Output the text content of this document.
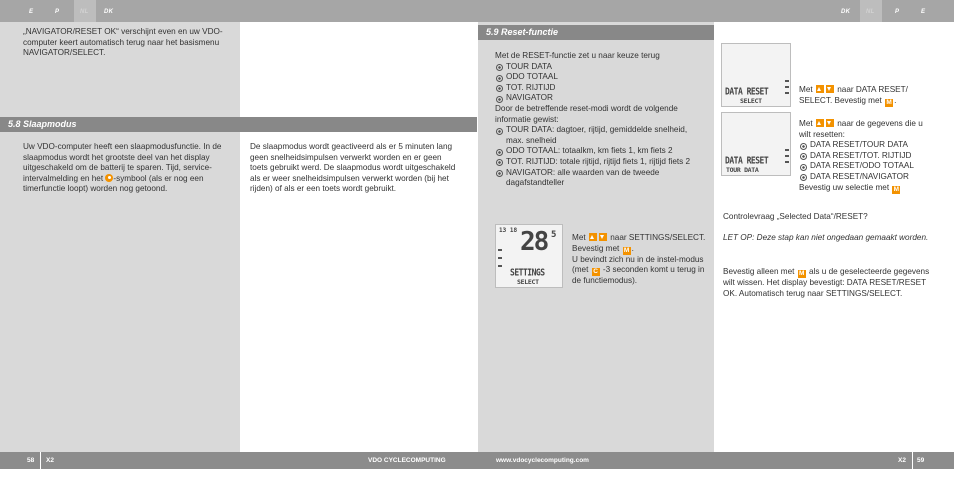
E	P	NL	DK	DK	NL	P	E
„NAVIGATOR/RESET OK“ verschijnt even en uw VDO-computer keert automatisch terug naar het basismenu NAVIGATOR/SELECT.
5.8 Slaapmodus
Uw VDO-computer heeft een slaapmodusfunctie. In de slaapmodus wordt het grootste deel van het display uitgeschakeld om de batterij te sparen. Tijd, service-intervalmelding en het -symbool (als er nog een timerfunctie loopt) worden nog getoond.
De slaapmodus wordt geactiveerd als er 5 minuten lang geen snelheidsimpulsen verwerkt worden en er geen toets gebruikt werd. De slaapmodus wordt uitgeschakeld als er weer snelheidsimpulsen verwerkt worden (bij het rijden) of als er een toets wordt gebruikt.
5.9 Reset-functie

Met de RESET-functie zet u naar keuze terug

TOUR DATA
ODO TOTAAL
TOT. RIJTIJD
NAVIGATOR

Door de betreffende reset-modi wordt de volgende informatie gewist:

TOUR DATA: dagtoer, rijtijd, gemiddelde snelheid, max. snelheid
ODO TOTAAL: totaalkm, km fiets 1, km fiets 2
TOT. RIJTIJD: totale rijtijd, rijtijd fiets 1, rijtijd fiets 2
NAVIGATOR: alle waarden van de tweede dagafstandteller
13 18 28 5
SETTINGS
SELECT
Met  naar SETTINGS/SELECT. Bevestig met M .
U bevindt zich nu in de instel-modus (met C -3 seconden komt u terug in de functiemodus).
DATA RESET
SELECT
Met  naar DATA RESET/ SELECT. Bevestig met M .
DATA RESET
TOUR DATA
Met  naar de gegevens die u wilt resetten:
DATA RESET/TOUR DATA
DATA RESET/TOT. RIJTIJD
DATA RESET/ODO TOTAAL
DATA RESET/NAVIGATOR
Bevestig uw selectie met M
Controlevraag „Selected Data“/RESET?
LET OP: Deze stap kan niet ongedaan gemaakt worden.
Bevestig alleen met M als u de geselecteerde gegevens wilt wissen. Het display bevestigt: DATA RESET/RESET OK. Automatisch terug naar SETTINGS/SELECT.
58 X2	VDO CYCLECOMPUTING	www.vdocyclecomputing.com	X2 59
